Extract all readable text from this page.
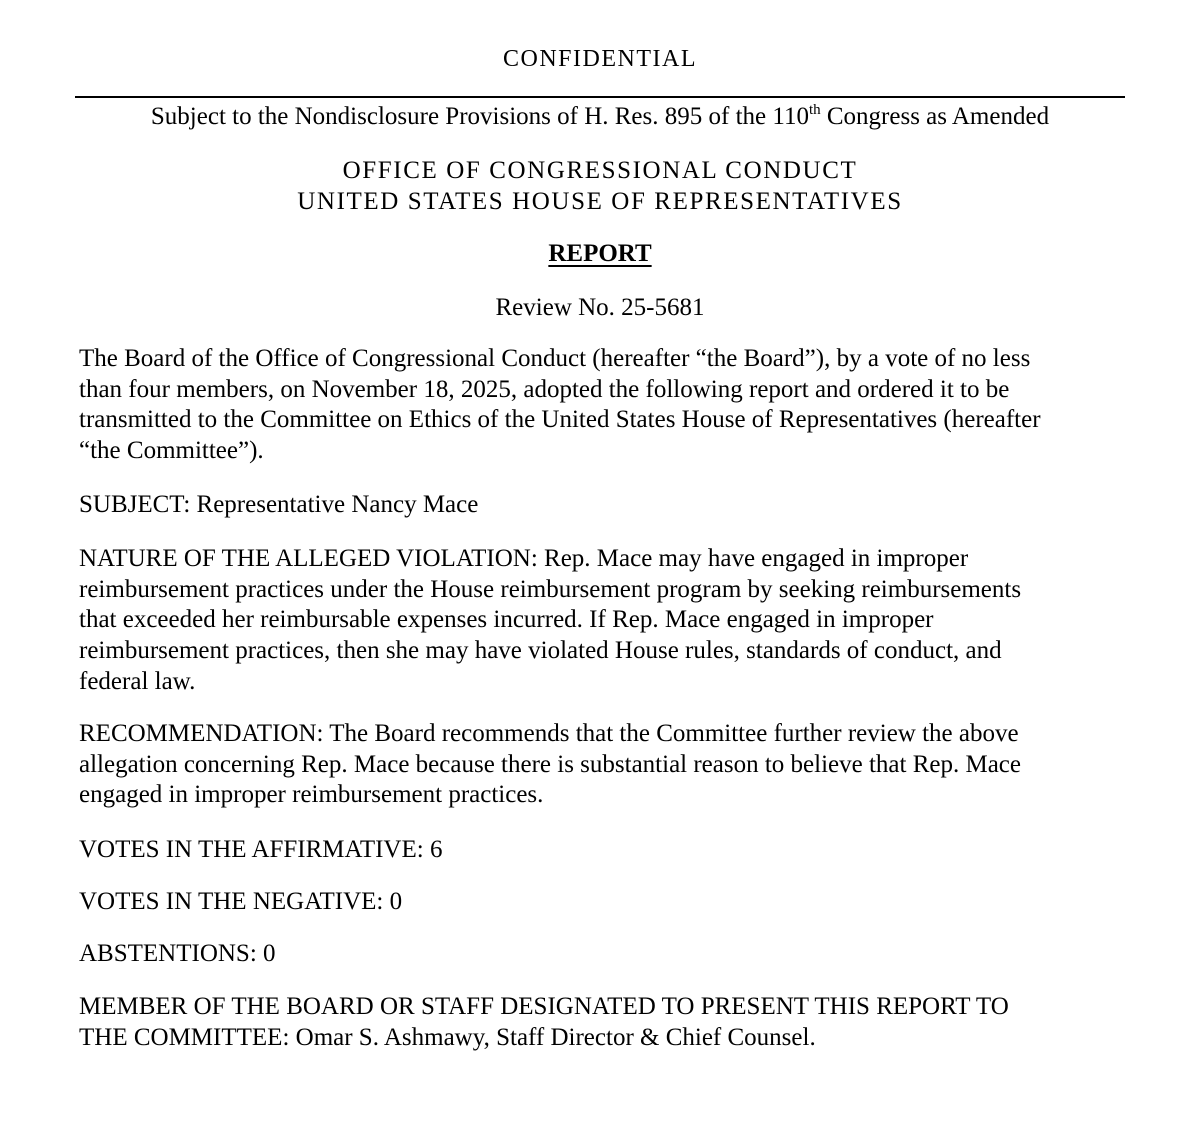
CONFIDENTIAL
Subject to the Nondisclosure Provisions of H. Res. 895 of the 110th Congress as Amended
OFFICE OF CONGRESSIONAL CONDUCT
UNITED STATES HOUSE OF REPRESENTATIVES
REPORT
Review No. 25-5681

The Board of the Office of Congressional Conduct (hereafter “the Board”), by a vote of no less
than four members, on November 18, 2025, adopted the following report and ordered it to be
transmitted to the Committee on Ethics of the United States House of Representatives (hereafter
“the Committee”).

SUBJECT: Representative Nancy Mace

NATURE OF THE ALLEGED VIOLATION: Rep. Mace may have engaged in improper
reimbursement practices under the House reimbursement program by seeking reimbursements
that exceeded her reimbursable expenses incurred. If Rep. Mace engaged in improper
reimbursement practices, then she may have violated House rules, standards of conduct, and
federal law.

RECOMMENDATION: The Board recommends that the Committee further review the above
allegation concerning Rep. Mace because there is substantial reason to believe that Rep. Mace
engaged in improper reimbursement practices.

VOTES IN THE AFFIRMATIVE: 6

VOTES IN THE NEGATIVE: 0

ABSTENTIONS: 0

MEMBER OF THE BOARD OR STAFF DESIGNATED TO PRESENT THIS REPORT TO
THE COMMITTEE: Omar S. Ashmawy, Staff Director & Chief Counsel.
